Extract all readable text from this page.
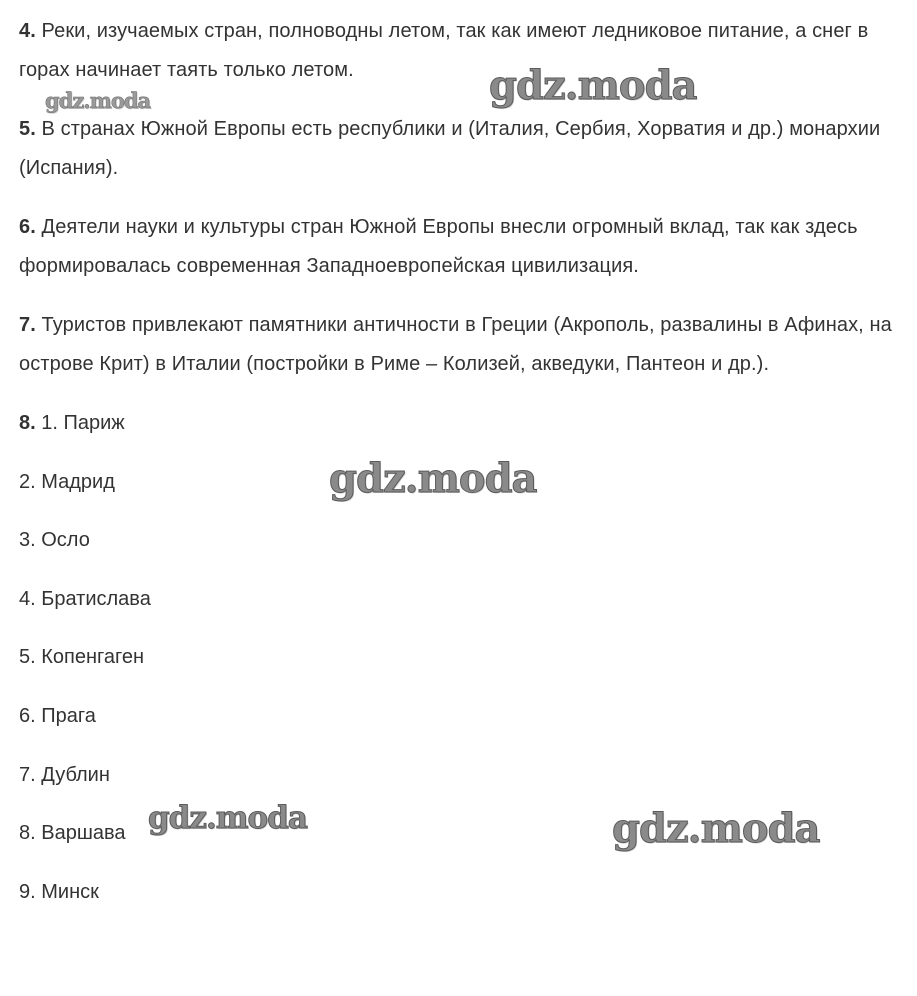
4. Реки, изучаемых стран, полноводны летом, так как имеют ледниковое питание, а снег в горах начинает таять только летом.

5. В странах Южной Европы есть республики и (Италия, Сербия, Хорватия и др.) монархии (Испания).

6. Деятели науки и культуры стран Южной Европы внесли огромный вклад, так как здесь формировалась современная Западноевропейская цивилизация.

7. Туристов привлекают памятники античности в Греции (Акрополь, развалины в Афинах, на острове Крит) в Италии (постройки в Риме – Колизей, акведуки, Пантеон и др.).

8. 1. Париж
2. Мадрид
3. Осло
4. Братислава
5. Копенгаген
6. Прага
7. Дублин
8. Варшава
9. Минск
gdz.moda	gdz.moda
gdz.moda
gdz.moda	gdz.moda
